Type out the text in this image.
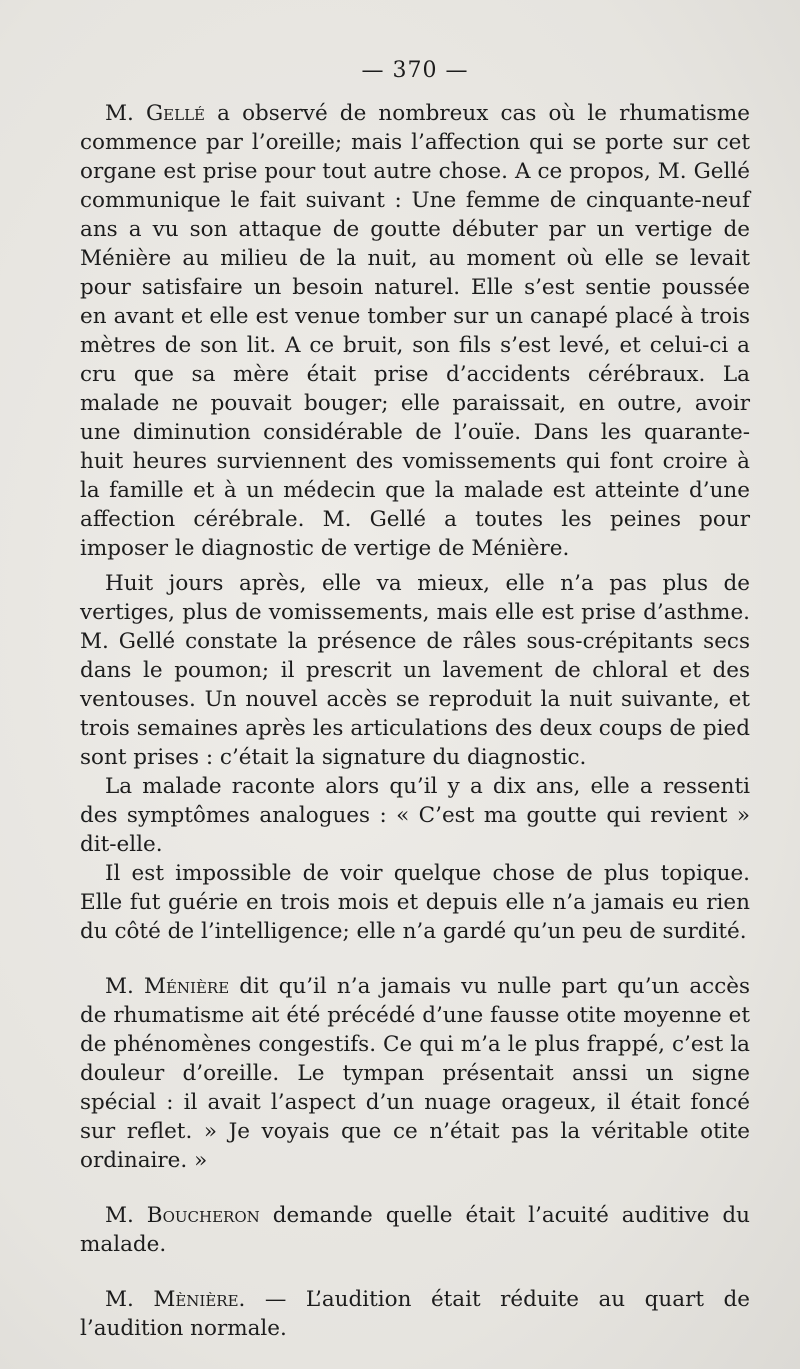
— 370 —

M. Gellé a observé de nombreux cas où le rhumatisme commence par l’oreille; mais l’affection qui se porte sur cet organe est prise pour tout autre chose. A ce propos, M. Gellé communique le fait suivant : Une femme de cinquante-neuf ans a vu son attaque de goutte débuter par un vertige de Ménière au milieu de la nuit, au moment où elle se levait pour satisfaire un besoin naturel. Elle s’est sentie poussée en avant et elle est venue tomber sur un canapé placé à trois mètres de son lit. A ce bruit, son fils s’est levé, et celui-ci a cru que sa mère était prise d’accidents cérébraux. La malade ne pouvait bouger; elle paraissait, en outre, avoir une diminution considérable de l’ouïe. Dans les quarante-huit heures surviennent des vomissements qui font croire à la famille et à un médecin que la malade est atteinte d’une affection cérébrale. M. Gellé a toutes les peines pour imposer le diagnostic de vertige de Ménière.

Huit jours après, elle va mieux, elle n’a pas plus de vertiges, plus de vomissements, mais elle est prise d’asthme. M. Gellé constate la présence de râles sous-crépitants secs dans le poumon; il prescrit un lavement de chloral et des ventouses. Un nouvel accès se reproduit la nuit suivante, et trois semaines après les articulations des deux coups de pied sont prises : c’était la signature du diagnostic.

La malade raconte alors qu’il y a dix ans, elle a ressenti des symptômes analogues : « C’est ma goutte qui revient » dit-elle.

Il est impossible de voir quelque chose de plus topique. Elle fut guérie en trois mois et depuis elle n’a jamais eu rien du côté de l’intelligence; elle n’a gardé qu’un peu de surdité.

M. Ménière dit qu’il n’a jamais vu nulle part qu’un accès de rhumatisme ait été précédé d’une fausse otite moyenne et de phénomènes congestifs. Ce qui m’a le plus frappé, c’est la douleur d’oreille. Le tympan présentait anssi un signe spécial : il avait l’aspect d’un nuage orageux, il était foncé sur reflet. » Je voyais que ce n’était pas la véritable otite ordinaire. »

M. Boucheron demande quelle était l’acuité auditive du malade.

M. Mènière. — L’audition était réduite au quart de l’audition normale.
